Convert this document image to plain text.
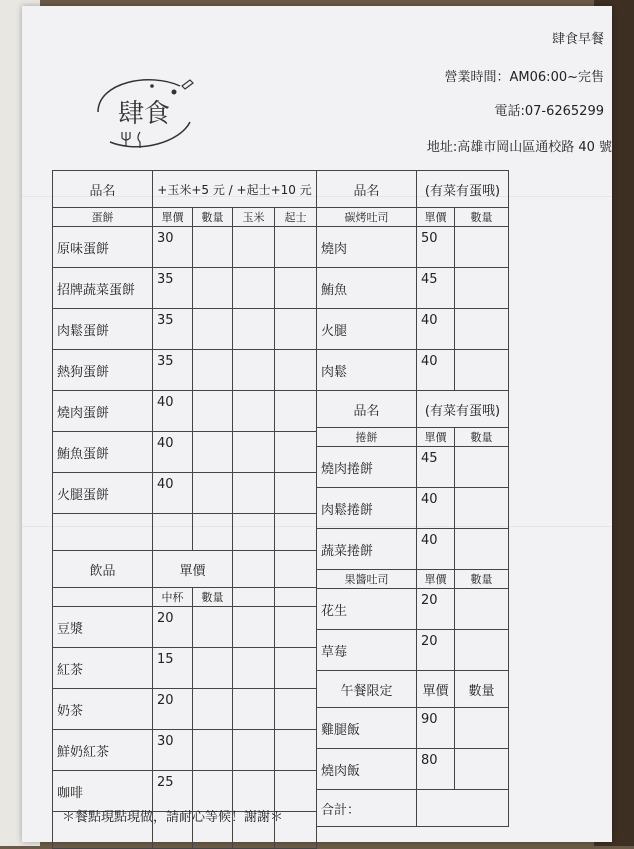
肆食
肆食早餐
營業時間：AM06:00~完售
電話:07-6265299
地址:高雄市岡山區通校路 40 號
品名	+玉米+5 元 / +起士+10 元			
蛋餅	單價	數量	玉米	起士
原味蛋餅	30			
招牌蔬菜蛋餅	35			
肉鬆蛋餅	35			
熱狗蛋餅	35			
燒肉蛋餅	40			
鮪魚蛋餅	40			
火腿蛋餅	40			

飲品	單價			
	中杯	數量		
豆漿	20			
紅茶	15			
奶茶	20			
鮮奶紅茶	30			
咖啡	25			

品名	(有菜有蛋哦)	
碳烤吐司	單價	數量
燒肉	50	
鮪魚	45	
火腿	40	
肉鬆	40	
品名	(有菜有蛋哦)	
捲餅	單價	數量
燒肉捲餅	45	
肉鬆捲餅	40	
蔬菜捲餅	40	
果醬吐司	單價	數量
花生	20	
草莓	20	
午餐限定	單價	數量
雞腿飯	90	
燒肉飯	80	
合計：		
＊餐點現點現做，請耐心等候！謝謝＊
